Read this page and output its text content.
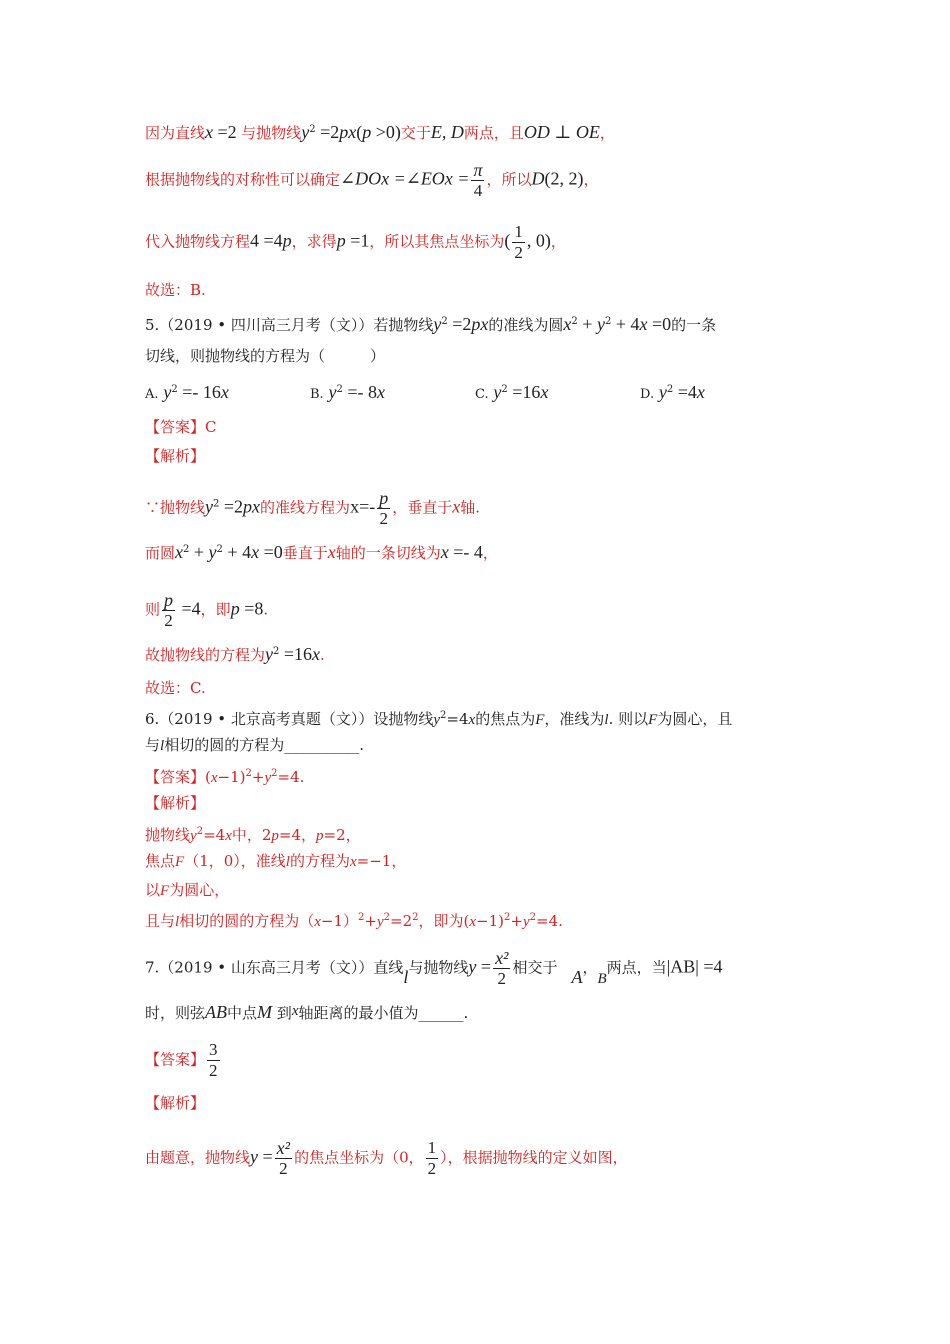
因为直线x =2 与抛物线$y^2 =2px(p >0)$交于E, D两点，且OD ⊥ OE，
根据抛物线的对称性可以确定∠DOx =∠EOx = $\frac{\pi}{4}$ ，所以D(2, 2)，
代入抛物线方程4 =4p，求得p =1，所以其焦点坐标为( $\frac{1}{2}$ , 0)，
故选：B.
5.（2019 • 四川高三月考（文））若抛物线$y^2 =2px$的准线为圆$x^2 + y^2 + 4x =0$的一条
切线，则抛物线的方程为（　　　）
A. $y^2 =- 16x$	B. $y^2 =- 8x$	C. $y^2 =16x$	D. $y^2 =4x$
【答案】C
【解析】
∵抛物线$y^2 =2px$的准线方程为$x=- \frac{p}{2}$ ，垂直于x轴.
而圆$x^2 + y^2 + 4x =0$垂直于x轴的一条切线为x =- 4，
则 $\frac{p}{2} =4$，即p =8.
故抛物线的方程为$y^2 =16x$.
故选：C.
6.（2019 • 北京高考真题（文））设抛物线$y^2=4x$的焦点为F，准线为l. 则以F为圆心，且
与l相切的圆的方程为__________.
【答案】$(x-1)^2+y^2=4$.
【解析】
抛物线$y^2=4x$中，2p=4，p=2，
焦点F（1，0），准线l的方程为x=−1，
以F为圆心，
且与l相切的圆的方程为$(x-1)^2+y^2=2^2$，即为$(x-1)^2+y^2=4$.
7.（2019 • 山东高三月考（文））直线l与抛物线$y = \frac{\text{x²}}{2}$ 相交于 A，B两点，当|AB| =4
时，则弦AB中点M 到x轴距离的最小值为______.
【答案】 $\frac{3}{2}$
【解析】
由题意，抛物线$y = \frac{\text{x²}}{2}$ 的焦点坐标为（0， $\frac{1}{2}$ ），根据抛物线的定义如图，
